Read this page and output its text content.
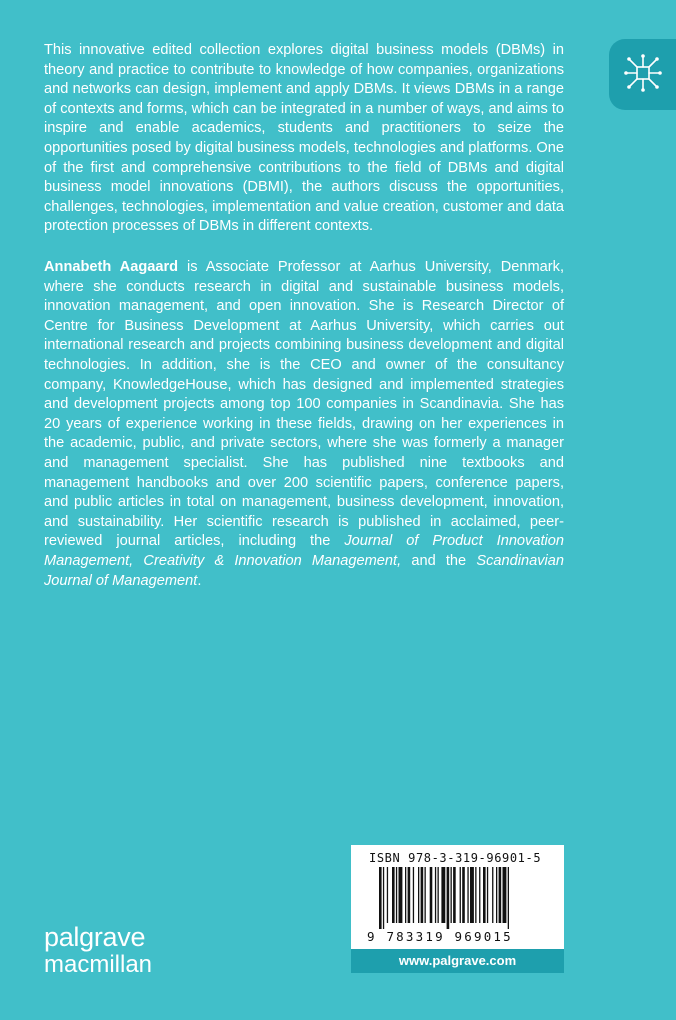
This innovative edited collection explores digital business models (DBMs) in theory and practice to contribute to knowledge of how companies, organizations and networks can design, implement and apply DBMs. It views DBMs in a range of contexts and forms, which can be integrated in a number of ways, and aims to inspire and enable academics, students and practitioners to seize the opportunities posed by digital business models, technologies and platforms. One of the first and comprehensive contributions to the field of DBMs and digital business model innovations (DBMI), the authors discuss the opportunities, challenges, technologies, implementation and value creation, customer and data protection processes of DBMs in different contexts.

Annabeth Aagaard is Associate Professor at Aarhus University, Denmark, where she conducts research in digital and sustainable business models, innovation management, and open innovation. She is Research Director of Centre for Business Development at Aarhus University, which carries out international research and projects combining business development and digital technologies. In addition, she is the CEO and owner of the consultancy company, KnowledgeHouse, which has designed and implemented strategies and development projects among top 100 companies in Scandinavia. She has 20 years of experience working in these fields, drawing on her experiences in the academic, public, and private sectors, where she was formerly a manager and management specialist. She has published nine textbooks and management handbooks and over 200 scientific papers, conference papers, and public articles in total on management, business development, innovation, and sustainability. Her scientific research is published in acclaimed, peer-reviewed journal articles, including the Journal of Product Innovation Management, Creativity & Innovation Management, and the Scandinavian Journal of Management.

palgrave
macmillan
ISBN 978-3-319-96901-5
9 783319 969015
www.palgrave.com
